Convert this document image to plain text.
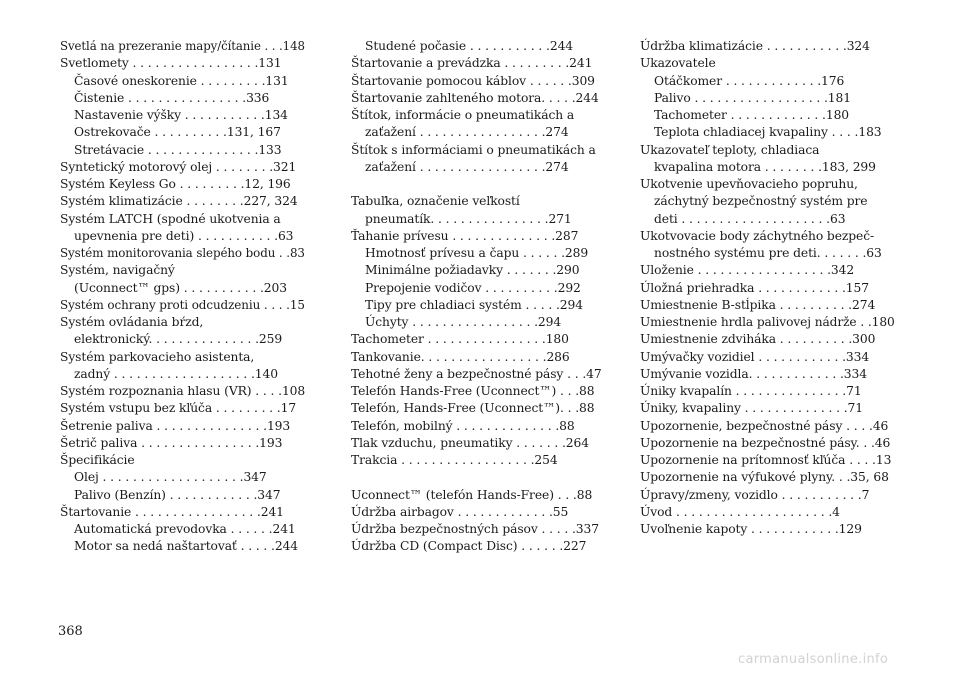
Svetlá na prezeranie mapy/čítanie . . .148
Svetlomety . . . . . . . . . . . . . . . . .131
Časové oneskorenie . . . . . . . . .131
Čistenie . . . . . . . . . . . . . . . .336
Nastavenie výšky . . . . . . . . . . .134
Ostrekovače . . . . . . . . . .131, 167
Stretávacie . . . . . . . . . . . . . . .133
Syntetický motorový olej . . . . . . . .321
Systém Keyless Go . . . . . . . . .12, 196
Systém klimatizácie . . . . . . . .227, 324
Systém LATCH (spodné ukotvenia a
upevnenia pre deti) . . . . . . . . . . .63
Systém monitorovania slepého bodu . .83
Systém, navigačný
(Uconnect™ gps) . . . . . . . . . . .203
Systém ochrany proti odcudzeniu . . . .15
Systém ovládania bŕzd,
elektronický. . . . . . . . . . . . . . .259
Systém parkovacieho asistenta,
zadný . . . . . . . . . . . . . . . . . . .140
Systém rozpoznania hlasu (VR) . . . .108
Systém vstupu bez kľúča . . . . . . . . .17
Šetrenie paliva . . . . . . . . . . . . . . .193
Šetrič paliva . . . . . . . . . . . . . . . .193
Špecifikácie
Olej . . . . . . . . . . . . . . . . . . .347
Palivo (Benzín) . . . . . . . . . . . .347
Štartovanie . . . . . . . . . . . . . . . . .241
Automatická prevodovka . . . . . .241
Motor sa nedá naštartovať . . . . .244
Studené počasie . . . . . . . . . . .244
Štartovanie a prevádzka . . . . . . . . .241
Štartovanie pomocou káblov . . . . . .309
Štartovanie zahlteného motora. . . . .244
Štítok, informácie o pneumatikách a
zaťažení . . . . . . . . . . . . . . . . .274
Štítok s informáciami o pneumatikách a
zaťažení . . . . . . . . . . . . . . . . .274
Tabuľka, označenie veľkostí
pneumatík. . . . . . . . . . . . . . . .271
Ťahanie prívesu . . . . . . . . . . . . . .287
Hmotnosť prívesu a čapu . . . . . .289
Minimálne požiadavky . . . . . . .290
Prepojenie vodičov . . . . . . . . . .292
Tipy pre chladiaci systém . . . . .294
Úchyty . . . . . . . . . . . . . . . . .294
Tachometer . . . . . . . . . . . . . . . .180
Tankovanie. . . . . . . . . . . . . . . . .286
Tehotné ženy a bezpečnostné pásy . . .47
Telefón Hands-Free (Uconnect™) . . .88
Telefón, Hands-Free (Uconnect™). . .88
Telefón, mobilný . . . . . . . . . . . . . .88
Tlak vzduchu, pneumatiky . . . . . . .264
Trakcia . . . . . . . . . . . . . . . . . .254
Uconnect™ (telefón Hands-Free) . . .88
Údržba airbagov . . . . . . . . . . . . .55
Údržba bezpečnostných pásov . . . . .337
Údržba CD (Compact Disc) . . . . . .227
Údržba klimatizácie . . . . . . . . . . .324
Ukazovatele
Otáčkomer . . . . . . . . . . . . .176
Palivo . . . . . . . . . . . . . . . . . .181
Tachometer . . . . . . . . . . . . .180
Teplota chladiacej kvapaliny . . . .183
Ukazovateľ teploty, chladiaca
kvapalina motora . . . . . . . .183, 299
Ukotvenie upevňovacieho popruhu,
záchytný bezpečnostný systém pre
deti . . . . . . . . . . . . . . . . . . . .63
Ukotvovacie body záchytného bezpeč-
nostného systému pre deti. . . . . . .63
Uloženie . . . . . . . . . . . . . . . . . .342
Úložná priehradka . . . . . . . . . . . .157
Umiestnenie B-stĺpika . . . . . . . . . .274
Umiestnenie hrdla palivovej nádrže . .180
Umiestnenie zdviháka . . . . . . . . . .300
Umývačky vozidiel . . . . . . . . . . . .334
Umývanie vozidla. . . . . . . . . . . . .334
Úniky kvapalín . . . . . . . . . . . . . . .71
Úniky, kvapaliny . . . . . . . . . . . . . .71
Upozornenie, bezpečnostné pásy . . . .46
Upozornenie na bezpečnostné pásy. . .46
Upozornenie na prítomnosť kľúča . . . .13
Upozornenie na výfukové plyny. . .35, 68
Úpravy/zmeny, vozidlo . . . . . . . . . . .7
Úvod . . . . . . . . . . . . . . . . . . . . .4
Uvoľnenie kapoty . . . . . . . . . . . .129
368
carmanualsonline.info
